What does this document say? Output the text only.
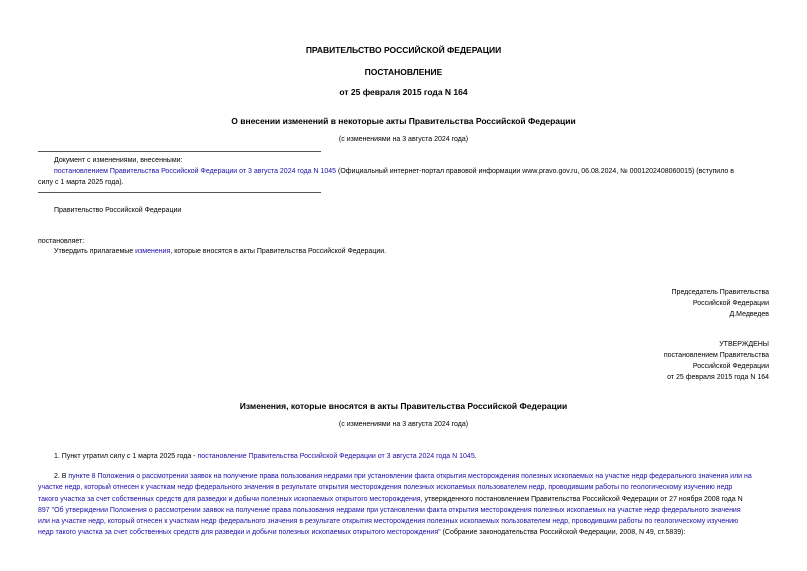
ПРАВИТЕЛЬСТВО РОССИЙСКОЙ ФЕДЕРАЦИИ
ПОСТАНОВЛЕНИЕ
от 25 февраля 2015 года N 164
О внесении изменений в некоторые акты Правительства Российской Федерации
(с изменениями на 3 августа 2024 года)
Документ с изменениями, внесенными:
постановлением Правительства Российской Федерации от 3 августа 2024 года N 1045 (Официальный интернет-портал правовой информации www.pravo.gov.ru, 06.08.2024, № 0001202408060015) (вступило в
силу с 1 марта 2025 года).
Правительство Российской Федерации
постановляет:
Утвердить прилагаемые изменения, которые вносятся в акты Правительства Российской Федерации.
Председатель Правительства
Российской Федерации
Д.Медведев
УТВЕРЖДЕНЫ
постановлением Правительства
Российской Федерации
от 25 февраля 2015 года N 164
Изменения, которые вносятся в акты Правительства Российской Федерации
(с изменениями на 3 августа 2024 года)
1. Пункт утратил силу с 1 марта 2025 года - постановление Правительства Российской Федерации от 3 августа 2024 года N 1045.
2. В пункте 8 Положения о рассмотрении заявок на получение права пользования недрами при установлении факта открытия месторождения полезных ископаемых на участке недр федерального значения или на
участке недр, который отнесен к участкам недр федерального значения в результате открытия месторождения полезных ископаемых пользователем недр, проводившим работы по геологическому изучению недр
такого участка за счет собственных средств для разведки и добычи полезных ископаемых открытого месторождения, утвержденного постановлением Правительства Российской Федерации от 27 ноября 2008 года N
897 "Об утверждении Положения о рассмотрении заявок на получение права пользования недрами при установлении факта открытия месторождения полезных ископаемых на участке недр федерального значения
или на участке недр, который отнесен к участкам недр федерального значения в результате открытия месторождения полезных ископаемых пользователем недр, проводившим работы по геологическому изучению
недр такого участка за счет собственных средств для разведки и добычи полезных ископаемых открытого месторождения" (Собрание законодательства Российской Федерации, 2008, N 49, ст.5839):
